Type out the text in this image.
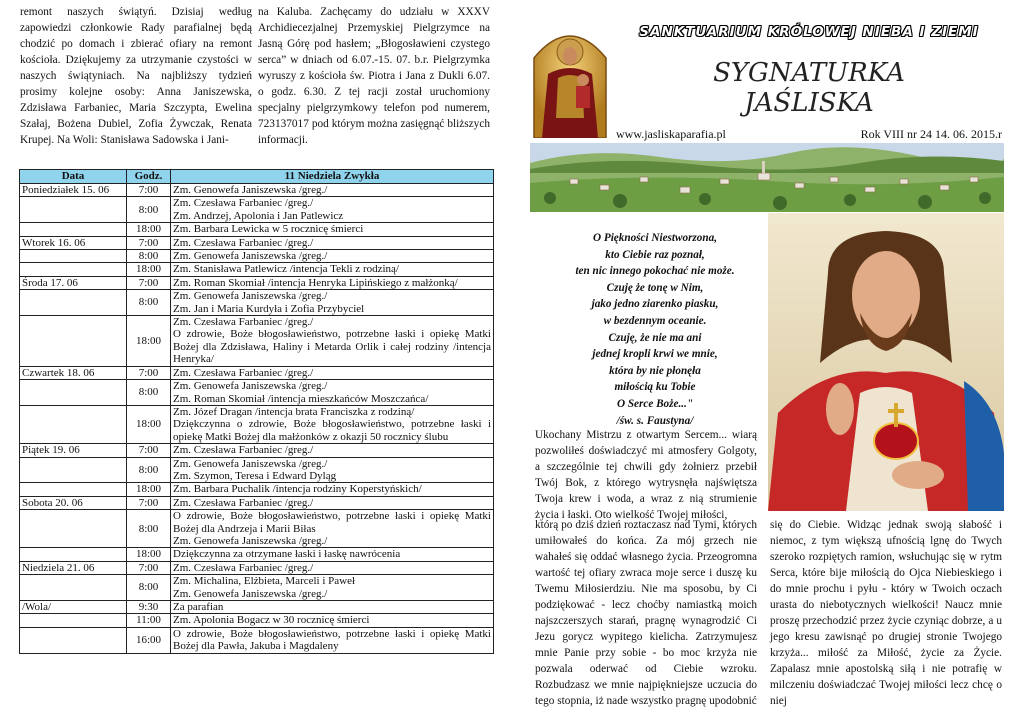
remont naszych świątyń. Dzisiaj według zapowiedzi członkowie Rady parafialnej będą chodzić po domach i zbierać ofiary na remont kościoła. Dziękujemy za utrzymanie czystości w naszych świątyniach. Na najbliższy tydzień prosimy kolejne osoby: Anna Janiszewska, Zdzisława Farbaniec, Maria Szczypta, Ewelina Szałaj, Bożena Dubiel, Zofia Żywczak, Renata Krupej. Na Woli: Stanisława Sadowska i Jani-

na Kaluba. Zachęcamy do udziału w XXXV Archidiecezjalnej Przemyskiej Pielgrzymce na Jasną Górę pod hasłem; „Błogosławieni czystego serca” w dniach od 6.07.-15. 07. b.r. Pielgrzymka wyruszy z kościoła św. Piotra i Jana z Dukli 6.07. o godz. 6.30. Z tej racji został uruchomiony specjalny pielgrzymkowy telefon pod numerem, 723137017 pod którym można zasięgnąć bliższych informacji.

Data	Godz.	11 Niedziela Zwykła
Poniedziałek 15. 06	7:00	Zm. Genowefa Janiszewska /greg./
	8:00	Zm. Czesława Farbaniec /greg./
Zm. Andrzej, Apolonia i Jan Patlewicz
	18:00	Zm. Barbara Lewicka w 5 rocznicę śmierci
Wtorek 16. 06	7:00	Zm. Czesława Farbaniec /greg./
	8:00	Zm. Genowefa Janiszewska /greg./
	18:00	Zm. Stanisława Patlewicz /intencja Tekli z rodziną/
Środa 17. 06	7:00	Zm. Roman Skomiał /intencja Henryka Lipińskiego z małżonką/
	8:00	Zm. Genowefa Janiszewska /greg./
Zm. Jan i Maria Kurdyła i Zofia Przybyciel
	18:00	Zm. Czesława Farbaniec /greg./
O zdrowie, Boże błogosławieństwo, potrzebne łaski i opiekę Matki Bożej dla Zdzisława, Haliny i Metarda Orlik i całej rodziny /intencja Henryka/
Czwartek 18. 06	7:00	Zm. Czesława Farbaniec /greg./
	8:00	Zm. Genowefa Janiszewska /greg./
Zm. Roman Skomiał /intencja mieszkańców Moszczańca/
	18:00	Zm. Józef Dragan /intencja brata Franciszka z rodziną/
Dziękczynna o zdrowie, Boże błogosławieństwo, potrzebne łaski i opiekę Matki Bożej dla małżonków z okazji 50 rocznicy ślubu
Piątek 19. 06	7:00	Zm. Czesława Farbaniec /greg./
	8:00	Zm. Genowefa Janiszewska /greg./
Zm. Szymon, Teresa i Edward Dyląg
	18:00	Zm. Barbara Puchalik /intencja rodziny Koperstyńskich/
Sobota 20. 06	7:00	Zm. Czesława Farbaniec /greg./
	8:00	O zdrowie, Boże błogosławieństwo, potrzebne łaski i opiekę Matki Bożej dla Andrzeja i Marii Biłas
Zm. Genowefa Janiszewska /greg./
	18:00	Dziękczynna za otrzymane łaski i łaskę nawrócenia
Niedziela 21. 06	7:00	Zm. Czesława Farbaniec /greg./
	8:00	Zm. Michalina, Elżbieta, Marceli i Paweł
Zm. Genowefa Janiszewska /greg./
/Wola/	9:30	Za parafian
	11:00	Zm. Apolonia Bogacz w 30 rocznicę śmierci
	16:00	O zdrowie, Boże błogosławieństwo, potrzebne łaski i opiekę Matki Bożej dla Pawła, Jakuba i Magdaleny
SANKTUARIUM KRÓLOWEJ NIEBA I ZIEMI
SYGNATURKA
JAŚLISKA
www.jasliskaparafia.pl	Rok VIII nr 24 14. 06. 2015.r

O Piękności Niestworzona,

kto Ciebie raz poznał,

ten nic innego pokochać nie może.

Czuję że tonę w Nim,

jako jedno ziarenko piasku,

w bezdennym oceanie.

Czuję, że nie ma ani

jednej kropli krwi we mnie,

która by nie płonęła

miłością ku Tobie

O Serce Boże..."

/św. s. Faustyna/

Ukochany Mistrzu z otwartym Sercem... wiarą pozwoliłeś doświadczyć mi atmosfery Golgoty, a szczególnie tej chwili gdy żołnierz przebił Twój Bok, z którego wytrysnęła najświętsza Twoja krew i woda, a wraz z nią strumienie życia i łaski. Oto wielkość Twojej miłości,

którą po dziś dzień roztaczasz nad Tymi, których umiłowałeś do końca. Za mój grzech nie wahałeś się oddać własnego życia. Przeogromna wartość tej ofiary zwraca moje serce i duszę ku Twemu Miłosierdziu. Nie ma sposobu, by Ci podziękować - lecz choćby namiastką moich najszczerszych starań, pragnę wynagrodzić Ci Jezu gorycz wypitego kielicha. Zatrzymujesz mnie Panie przy sobie - bo moc krzyża nie pozwala oderwać od Ciebie wzroku. Rozbudzasz we mnie najpiękniejsze uczucia do tego stopnia, iż nade wszystko pragnę upodobnić

się do Ciebie. Widząc jednak swoją słabość i niemoc, z tym większą ufnością lgnę do Twych szeroko rozpiętych ramion, wsłuchując się w rytm Serca, które bije miłością do Ojca Niebieskiego i do mnie prochu i pyłu - który w Twoich oczach urasta do niebotycznych wielkości! Naucz mnie proszę przechodzić przez życie czyniąc dobrze, a u jego kresu zawisnąć po drugiej stronie Twojego krzyża... miłość za Miłość, życie za Życie. Zapalasz mnie apostolską siłą i nie potrafię w milczeniu doświadczać Twojej miłości lecz chcę o niej
